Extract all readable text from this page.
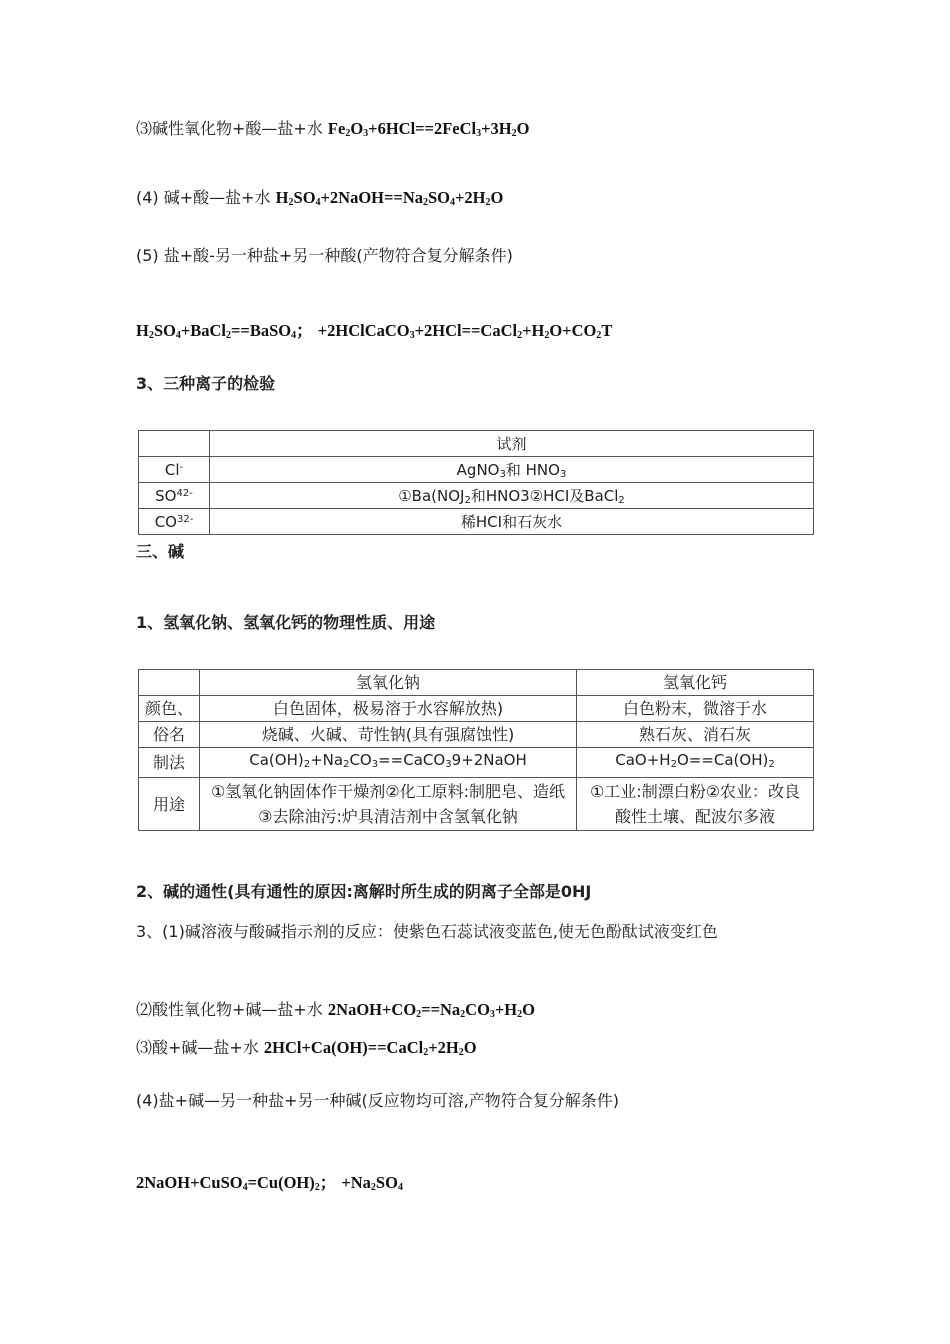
⑶碱性氧化物+酸—盐+水 $Fe_2O_3+6HCl==2FeCl_3+3H_2O$
(4) 碱+酸—盐+水 $H_2SO_4+2NaOH==Na_2SO_4+2H_2O$
(5) 盐+酸-另一种盐+另一种酸(产物符合复分解条件)
$H_2SO_4+BaCl_2==BaSO_4$； $+2HClCaCO_3+2HCl==CaCl_2+H_2O+CO_2T$
3、三种离子的检验
	试剂
Cl-	AgNO$_3$和 $HNO_3$
$SO^{42-}$	$①Ba(NOJ_2$和HNO3②HCI及BaCl$_2$
$CO^{32-}$	稀HCI和石灰水
三、碱
1、氢氧化钠、氢氧化钙的物理性质、用途
	氢氧化钠	氢氧化钙
颜色、	白色固体，极易溶于水容解放热)	白色粉末，微溶于水
俗名	烧碱、火碱、苛性钠(具有强腐蚀性)	熟石灰、消石灰
制法	$Ca(OH)_2+Na_2CO_3==CaCO_39+2NaOH$	$CaO+H_2O==Ca(OH)_2$
用途	①氢氧化钠固体作干燥剂②化工原料:制肥皂、造纸③去除油污:炉具清洁剂中含氢氧化钠	①工业:制漂白粉②农业：改良酸性土壤、配波尔多液
2、碱的通性(具有通性的原因:离解时所生成的阴离子全部是0HJ
3、(1)碱溶液与酸碱指示剂的反应：使紫色石蕊试液变蓝色,使无色酚酞试液变红色
⑵酸性氧化物+碱—盐+水 $2NaOH+CO_2==Na_2CO_3+H_2O$
⑶酸+碱—盐+水 $2HCl+Ca(OH)==CaCl_2+2H_2O$
(4)盐+碱—另一种盐+另一种碱(反应物均可溶,产物符合复分解条件)
$2NaOH+CuSO_4=Cu(OH)_2$； $+Na_2SO_4$
